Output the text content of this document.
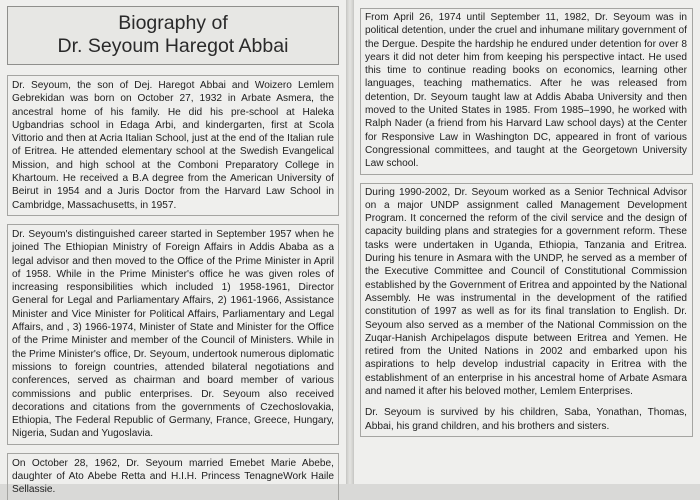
Biography of
Dr. Seyoum Haregot Abbai

Dr. Seyoum, the son of Dej. Haregot Abbai and Woizero Lemlem Gebrekidan was born on October 27, 1932 in Arbate Asmera, the ancestral home of his family. He did his pre-school at Haleka Ugbandrias school in Edaga Arbi, and kindergarten, first at Scola Vittorio and then at Acria Italian School, just at the end of the Italian rule of Eritrea. He attended elementary school at the Swedish Evangelical Mission, and high school at the Comboni Preparatory College in Khartoum. He received a B.A degree from the American University of Beirut in 1954 and a Juris Doctor from the Harvard Law School in Cambridge, Massachusetts, in 1957.

Dr. Seyoum's distinguished career started in September 1957 when he joined The Ethiopian Ministry of Foreign Affairs in Addis Ababa as a legal advisor and then moved to the Office of the Prime Minister in April of 1958. While in the Prime Minister's office he was given roles of increasing responsibilities which included 1) 1958-1961, Director General for Legal and Parliamentary Affairs, 2) 1961-1966, Assistance Minister and Vice Minister for Political Affairs, Parliamentary and Legal Affairs, and , 3) 1966-1974, Minister of State and Minister for the Office of the Prime Minister and member of the Council of Ministers. While in the Prime Minister's office, Dr. Seyoum, undertook numerous diplomatic missions to foreign countries, attended bilateral negotiations and conferences, served as chairman and board member of various commissions and public enterprises. Dr. Seyoum also received decorations and citations from the governments of Czechoslovakia, Ethiopia, The Federal Republic of Germany, France, Greece, Hungary, Nigeria, Sudan and Yugoslavia.

On October 28, 1962, Dr. Seyoum married Emebet Marie Abebe, daughter of Ato Abebe Retta and H.I.H. Princess TenagneWork Haile Sellassie.

From April 26, 1974 until September 11, 1982, Dr. Seyoum was in political detention, under the cruel and inhumane military government of the Dergue. Despite the hardship he endured under detention for over 8 years it did not deter him from keeping his perspective intact. He used this time to continue reading books on economics, learning other languages, teaching mathematics. After he was released from detention, Dr. Seyoum taught law at Addis Ababa University and then moved to the United States in 1985. From 1985–1990, he worked with Ralph Nader (a friend from his Harvard Law school days) at the Center for Responsive Law in Washington DC, appeared in front of various Congressional committees, and taught at the Georgetown University Law school.

During 1990-2002, Dr. Seyoum worked as a Senior Technical Advisor on a major UNDP assignment called Management Development Program. It concerned the reform of the civil service and the design of capacity building plans and strategies for a government reform. These tasks were undertaken in Uganda, Ethiopia, Tanzania and Eritrea. During his tenure in Asmara with the UNDP, he served as a member of the Executive Committee and Council of Constitutional Commission established by the Government of Eritrea and appointed by the National Assembly. He was instrumental in the development of the ratified constitution of 1997 as well as for its final translation to English. Dr. Seyoum also served as a member of the National Commission on the Zuqar-Hanish Archipelagos dispute between Eritrea and Yemen. He retired from the United Nations in 2002 and embarked upon his aspirations to help develop industrial capacity in Eritrea with the establishment of an enterprise in his ancestral home of Arbate Asmara and named it after his beloved mother, Lemlem Enterprises.

Dr. Seyoum is survived by his children, Saba, Yonathan, Thomas, Abbai, his grand children, and his brothers and sisters.
